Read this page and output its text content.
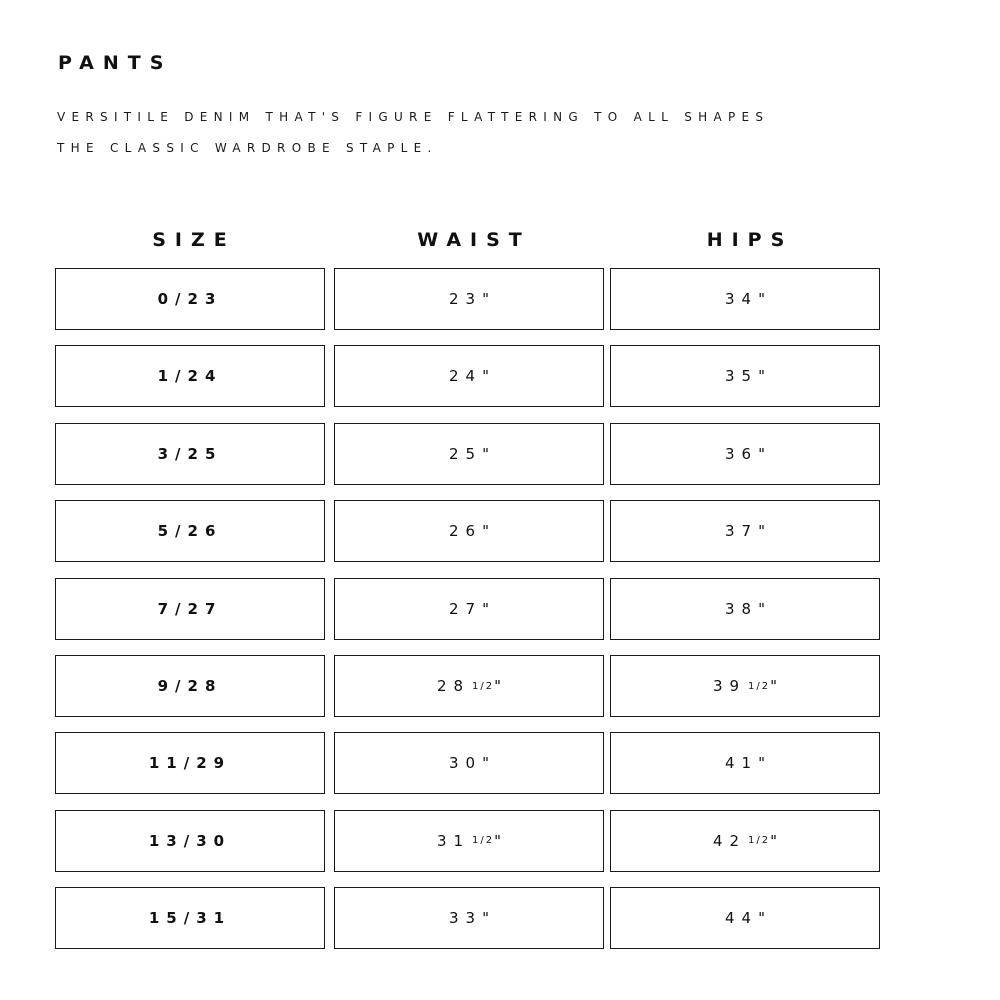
PANTS

VERSITILE DENIM THAT'S FIGURE FLATTERING TO ALL SHAPES

THE CLASSIC WARDROBE STAPLE.

SIZE	WAIST	HIPS
0/23	23 "	34 "
1/24	24 "	35 "
3/25	25 "	36 "
5/26	26 "	37 "
7/27	27 "	38 "
9/28	28 1/2 "	39 1/2 "
11/29	30 "	41 "
13/30	31 1/2 "	42 1/2 "
15/31	33 "	44 "
